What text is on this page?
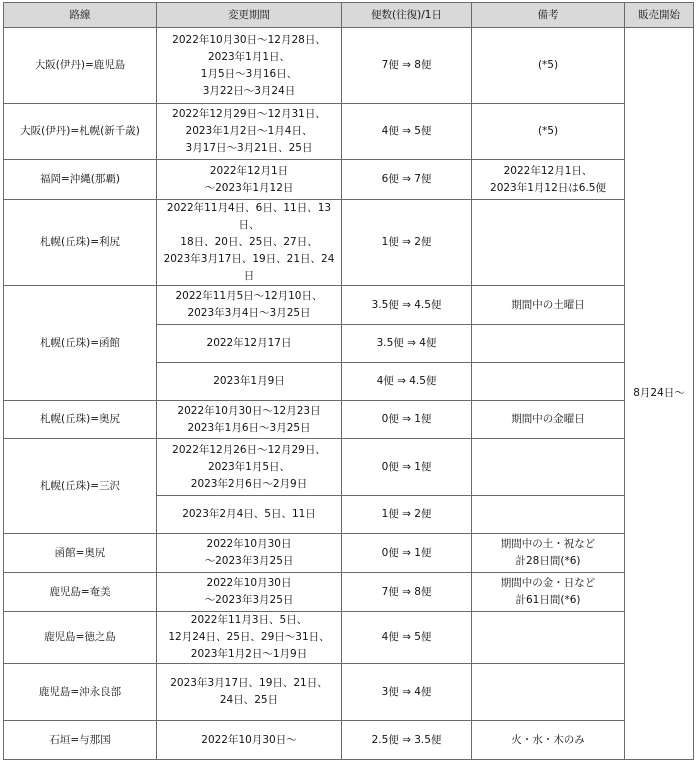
路線	変更期間	便数(往復)/1日	備考	販売開始
大阪(伊丹)=鹿児島	2022年10月30日～12月28日、
2023年1月1日、
1月5日～3月16日、
3月22日～3月24日	7便 ⇒ 8便	(*5)	8月24日～
大阪(伊丹)=札幌(新千歳)	2022年12月29日～12月31日、
2023年1月2日～1月4日、
3月17日～3月21日、25日	4便 ⇒ 5便	(*5)	
福岡=沖縄(那覇)	2022年12月1日
～2023年1月12日	6便 ⇒ 7便	2022年12月1日、
2023年1月12日は6.5便	
札幌(丘珠)=利尻	2022年11月4日、6日、11日、13日、
18日、20日、25日、27日、
2023年3月17日、19日、21日、24日	1便 ⇒ 2便		
札幌(丘珠)=函館	2022年11月5日～12月10日、
2023年3月4日～3月25日	3.5便 ⇒ 4.5便	期間中の土曜日	
	2022年12月17日	3.5便 ⇒ 4便		
	2023年1月9日	4便 ⇒ 4.5便		
札幌(丘珠)=奥尻	2022年10月30日～12月23日
2023年1月6日～3月25日	0便 ⇒ 1便	期間中の金曜日	
札幌(丘珠)=三沢	2022年12月26日～12月29日、
2023年1月5日、
2023年2月6日～2月9日	0便 ⇒ 1便		
	2023年2月4日、5日、11日	1便 ⇒ 2便		
函館=奥尻	2022年10月30日
～2023年3月25日	0便 ⇒ 1便	期間中の土・祝など
計28日間(*6)	
鹿児島=奄美	2022年10月30日
～2023年3月25日	7便 ⇒ 8便	期間中の金・日など
計61日間(*6)	
鹿児島=徳之島	2022年11月3日、5日、
12月24日、25日、29日～31日、
2023年1月2日～1月9日	4便 ⇒ 5便		
鹿児島=沖永良部	2023年3月17日、19日、21日、
24日、25日	3便 ⇒ 4便		
石垣=与那国	2022年10月30日～	2.5便 ⇒ 3.5便	火・水・木のみ	
